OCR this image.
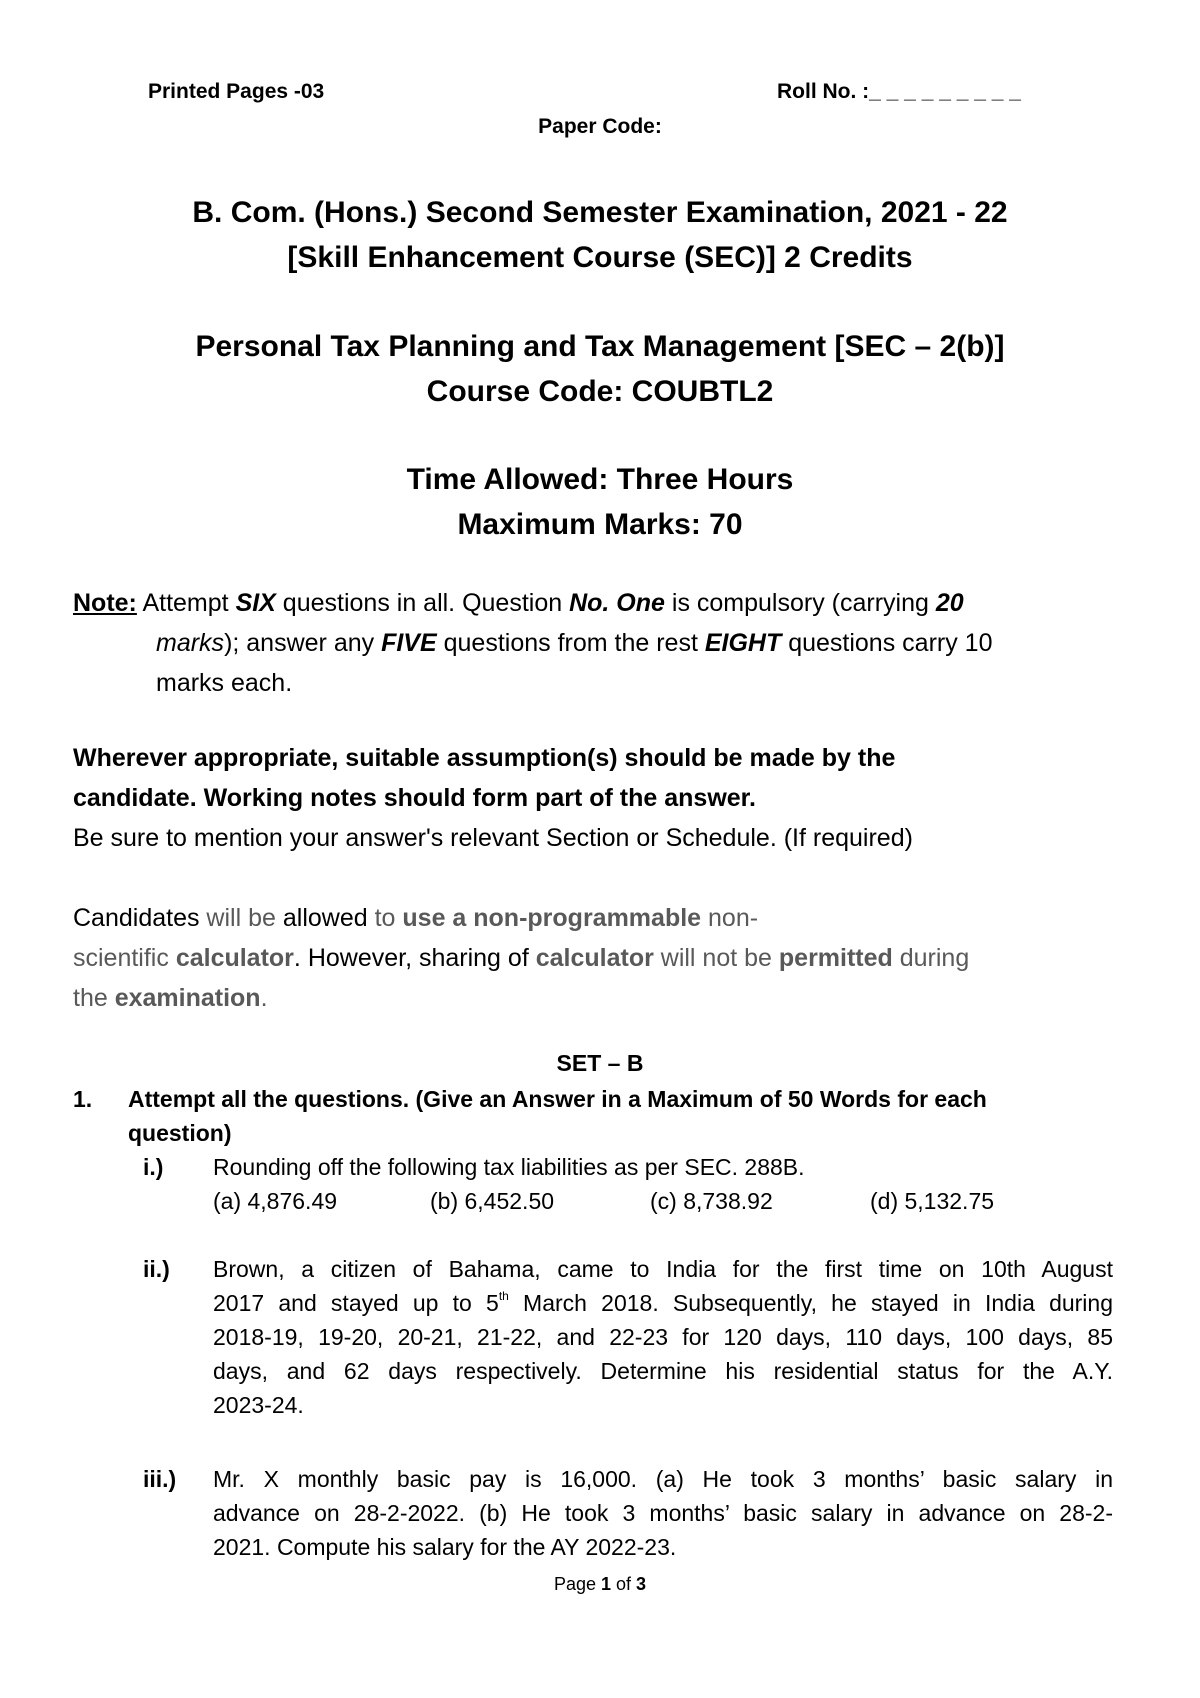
Printed Pages -03	Roll No. :_ _ _ _ _ _ _ _ _
Paper Code:
B. Com. (Hons.) Second Semester Examination, 2021 - 22
[Skill Enhancement Course (SEC)] 2 Credits
Personal Tax Planning and Tax Management [SEC – 2(b)]
Course Code: COUBTL2
Time Allowed: Three Hours
Maximum Marks: 70
Note: Attempt SIX questions in all. Question No. One is compulsory (carrying 20
marks); answer any FIVE questions from the rest EIGHT questions carry 10
marks each.
Wherever appropriate, suitable assumption(s) should be made by the
candidate. Working notes should form part of the answer.
Be sure to mention your answer's relevant Section or Schedule. (If required)
Candidates will be allowed to use a non-programmable non-
scientific calculator. However, sharing of calculator will not be permitted during
the examination.
SET – B
1. Attempt all the questions. (Give an Answer in a Maximum of 50 Words for each
question)
i.) Rounding off the following tax liabilities as per SEC. 288B.
(a) 4,876.49	(b) 6,452.50	(c) 8,738.92	(d) 5,132.75
ii.) Brown, a citizen of Bahama, came to India for the first time on 10th August
2017 and stayed up to 5th March 2018. Subsequently, he stayed in India during
2018-19, 19-20, 20-21, 21-22, and 22-23 for 120 days, 110 days, 100 days, 85
days, and 62 days respectively. Determine his residential status for the A.Y.
2023-24.
iii.) Mr. X monthly basic pay is 16,000. (a) He took 3 months’ basic salary in
advance on 28-2-2022. (b) He took 3 months’ basic salary in advance on 28-2-
2021. Compute his salary for the AY 2022-23.
Page 1 of 3
